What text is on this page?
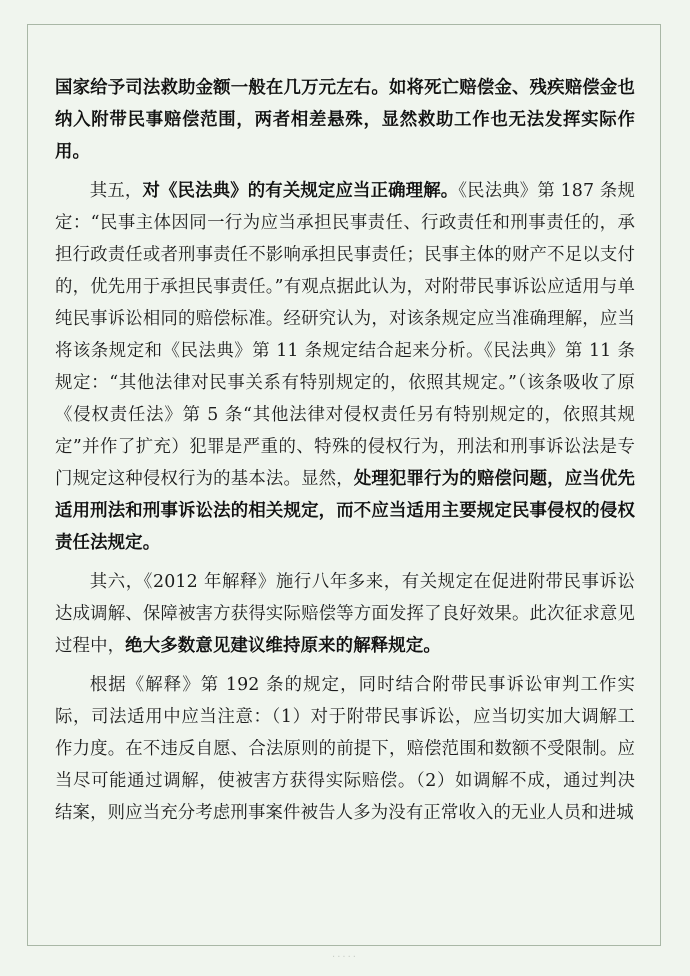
国家给予司法救助金额一般在几万元左右。如将死亡赔偿金、残疾赔偿金也纳入附带民事赔偿范围，两者相差悬殊，显然救助工作也无法发挥实际作用。

其五，对《民法典》的有关规定应当正确理解。《民法典》第 187 条规定：“民事主体因同一行为应当承担民事责任、行政责任和刑事责任的，承担行政责任或者刑事责任不影响承担民事责任；民事主体的财产不足以支付的，优先用于承担民事责任。”有观点据此认为，对附带民事诉讼应适用与单纯民事诉讼相同的赔偿标准。经研究认为，对该条规定应当准确理解，应当将该条规定和《民法典》第 11 条规定结合起来分析。《民法典》第 11 条规定：“其他法律对民事关系有特别规定的，依照其规定。”（该条吸收了原《侵权责任法》第 5 条“其他法律对侵权责任另有特别规定的，依照其规定”并作了扩充）犯罪是严重的、特殊的侵权行为，刑法和刑事诉讼法是专门规定这种侵权行为的基本法。显然，处理犯罪行为的赔偿问题，应当优先适用刑法和刑事诉讼法的相关规定，而不应当适用主要规定民事侵权的侵权责任法规定。

其六，《2012 年解释》施行八年多来，有关规定在促进附带民事诉讼达成调解、保障被害方获得实际赔偿等方面发挥了良好效果。此次征求意见过程中，绝大多数意见建议维持原来的解释规定。

根据《解释》第 192 条的规定，同时结合附带民事诉讼审判工作实际，司法适用中应当注意：（1）对于附带民事诉讼，应当切实加大调解工作力度。在不违反自愿、合法原则的前提下，赔偿范围和数额不受限制。应当尽可能通过调解，使被害方获得实际赔偿。（2）如调解不成，通过判决结案，则应当充分考虑刑事案件被告人多为没有正常收入的无业人员和进城

·····
